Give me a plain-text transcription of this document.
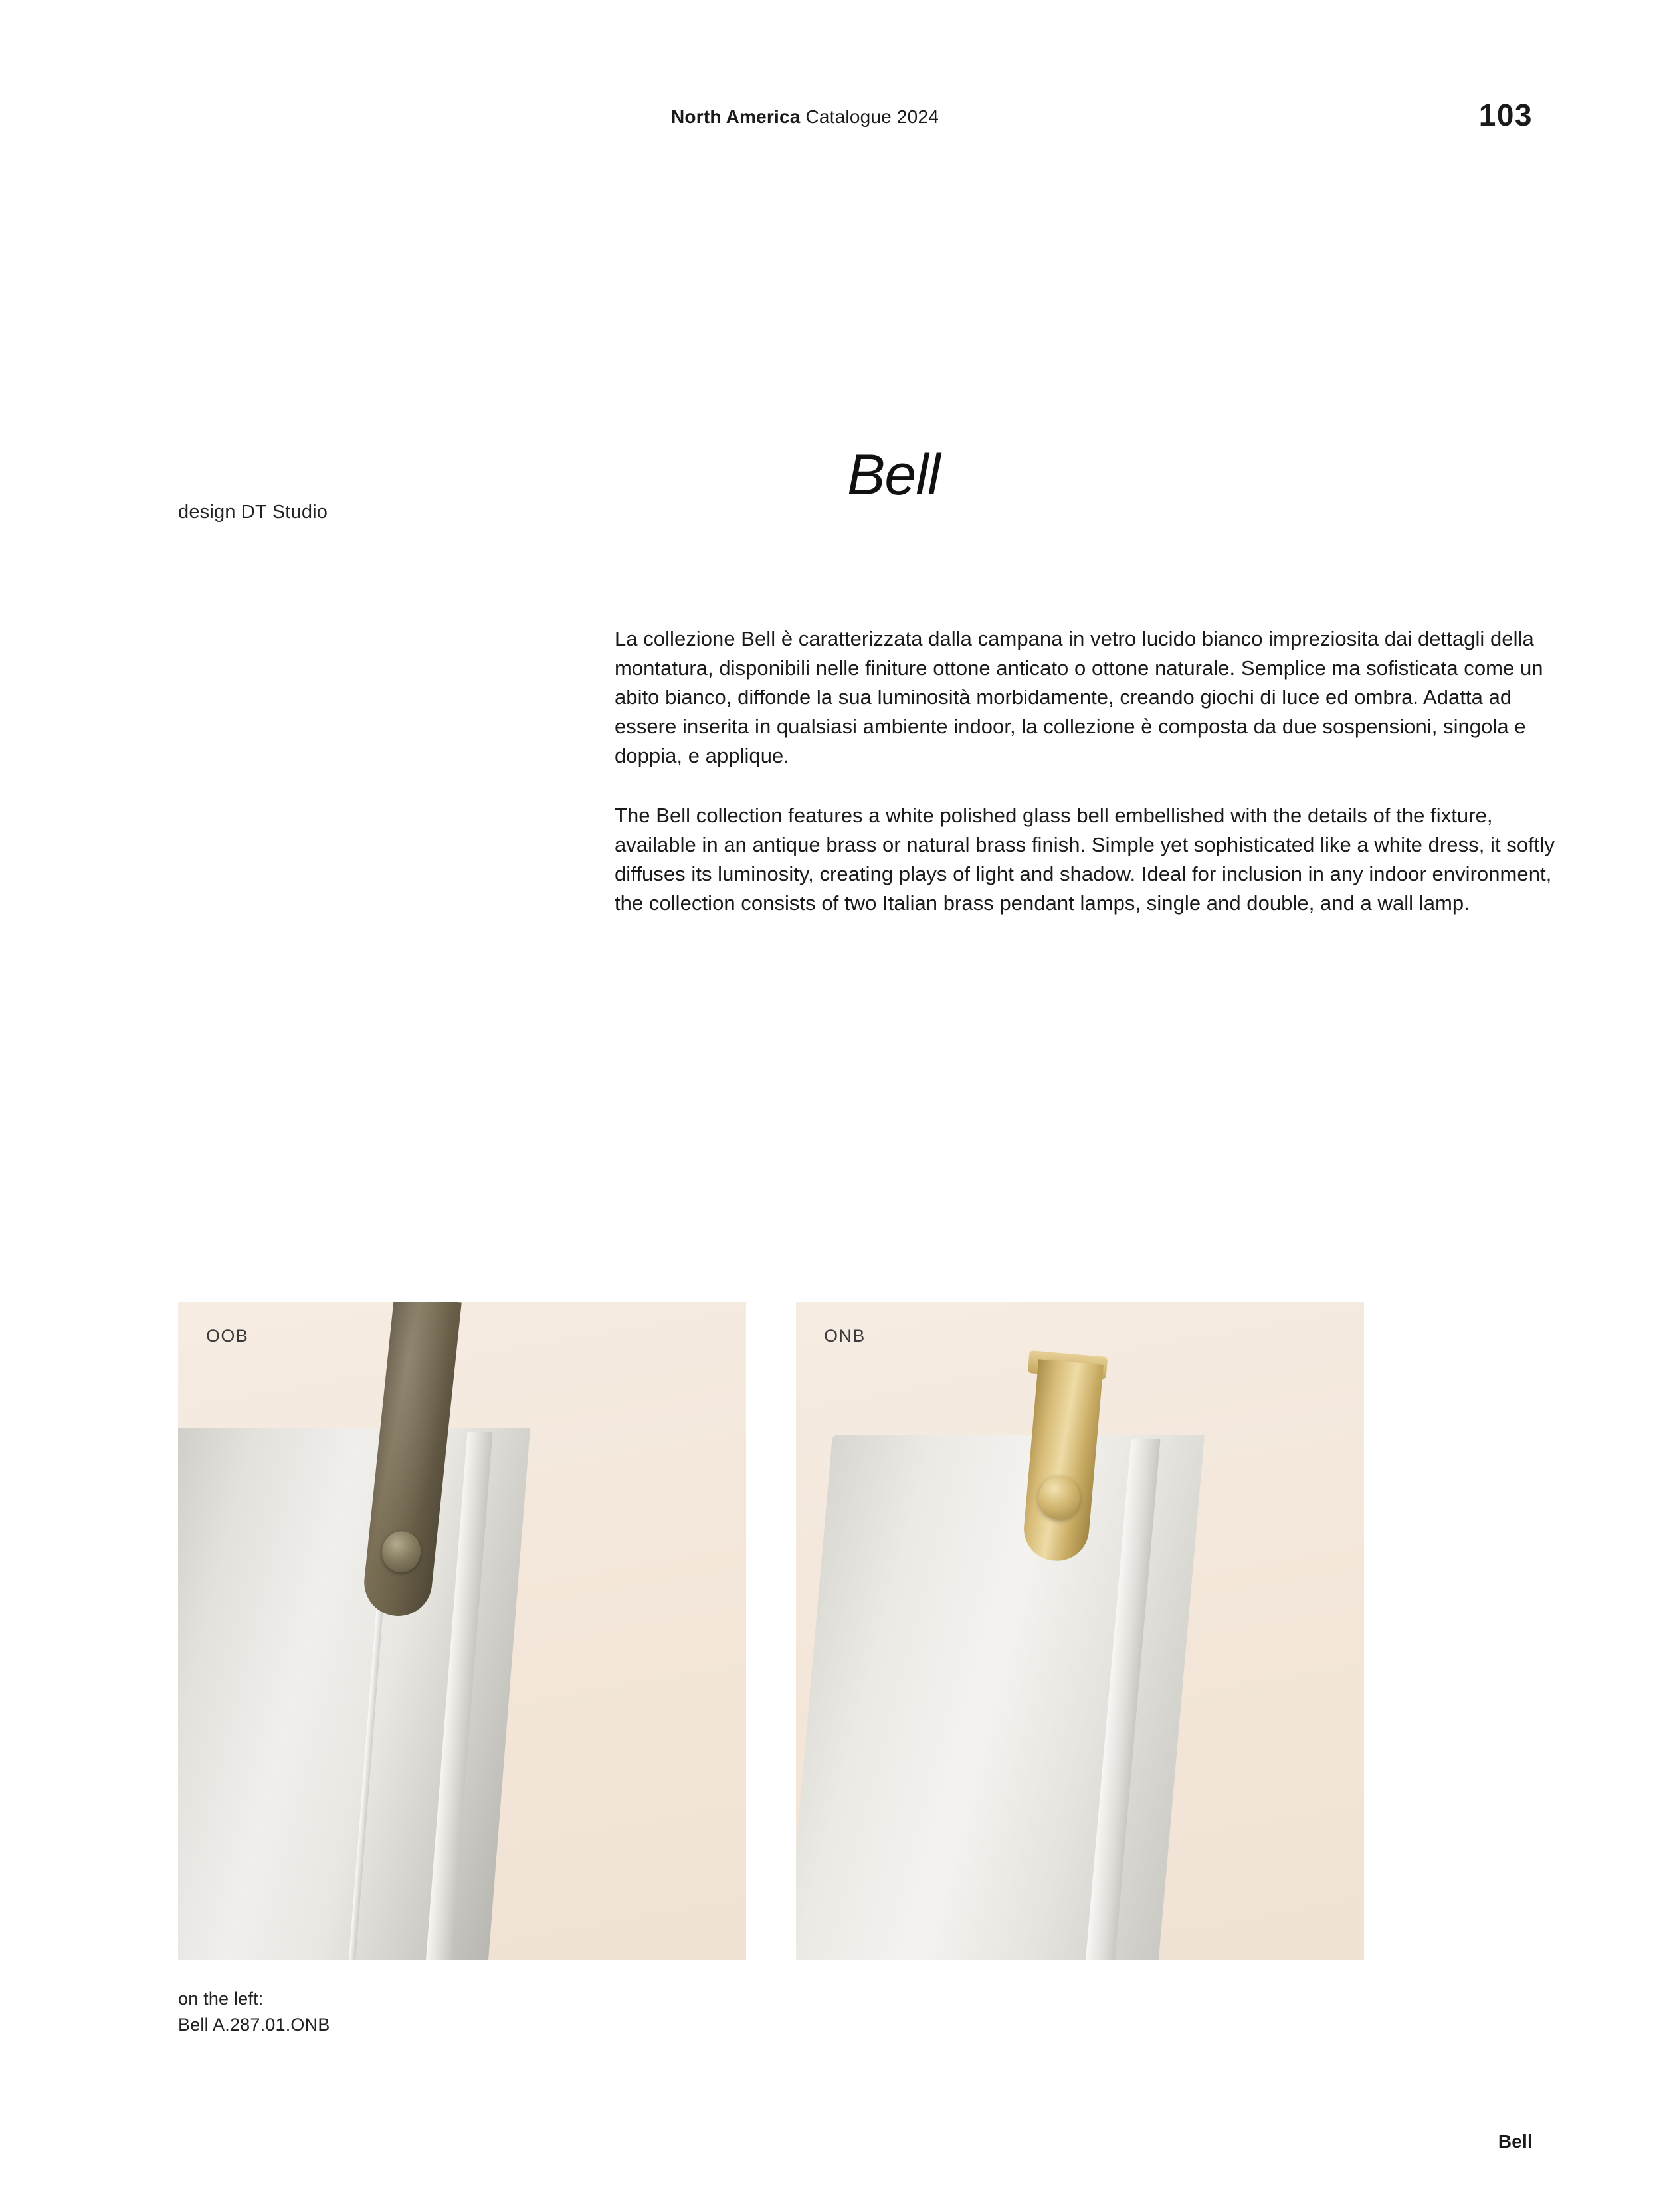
North America Catalogue 2024	103
design DT Studio
Bell

La collezione Bell è caratterizzata dalla campana in vetro lucido bianco impreziosita dai dettagli della montatura, disponibili nelle finiture ottone anticato o ottone naturale. Semplice ma sofisticata come un abito bianco, diffonde la sua luminosità morbidamente, creando giochi di luce ed ombra. Adatta ad essere inserita in qualsiasi ambiente indoor, la collezione è composta da due sospensioni, singola e doppia, e applique.

The Bell collection features a white polished glass bell embellished with the details of the fixture, available in an antique brass or natural brass finish. Simple yet sophisticated like a white dress, it softly diffuses its luminosity, creating plays of light and shadow. Ideal for inclusion in any indoor environment, the collection consists of two Italian brass pendant lamps, single and double, and a wall lamp.

OOB	ONB
on the left:
Bell A.287.01.ONB
Bell
